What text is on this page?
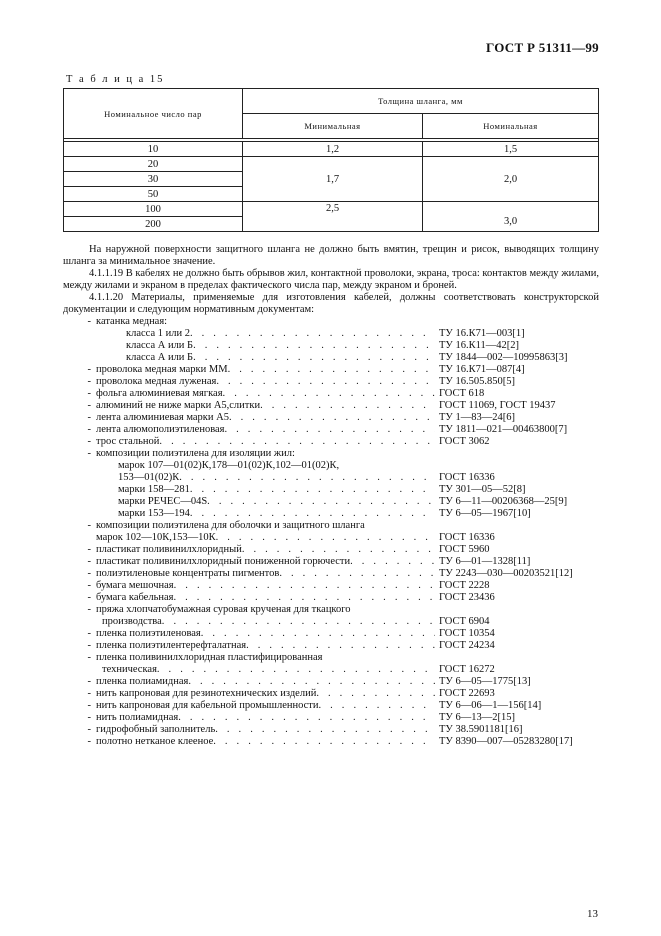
ГОСТ Р 51311—99
Т а б л и ц а 15
Номинальное число пар	Толщина шланга, мм	
	Минимальная	Номинальная

10	1,2	1,5
20	1,7	2,0
30		
50		
100	2,5	3,0
200		

На наружной поверхности защитного шланга не должно быть вмятин, трещин и рисок, выводящих толщину шланга за минимальное значение.

4.1.1.19 В кабелях не должно быть обрывов жил, контактной проволоки, экрана, троса: контактов между жилами, между жилами и экраном в пределах фактического числа пар, между экраном и броней.

4.1.1.20 Материалы, применяемые для изготовления кабелей, должны соответствовать конструкторской документации и следующим нормативным документам:

- катанка медная:
класса 1 или 2 . . .	ТУ 16.К71—003[1]
класса А или Б . . .	ТУ 16.К11—42[2]
класса А или Б . . .	ТУ 1844—002—10995863[3]
- проволока медная марки ММ . . .	ТУ 16.К71—087[4]
- проволока медная луженая . . .	ТУ 16.505.850[5]
- фольга алюминиевая мягкая . . .	ГОСТ 618
- алюминий не ниже марки А5,слитки . . .	ГОСТ 11069, ГОСТ 19437
- лента алюминиевая марки А5 . . .	ТУ 1—83—24[6]
- лента алюмополиэтиленовая . . .	ТУ 1811—021—00463800[7]
- трос стальной . . .	ГОСТ 3062
- композиции полиэтилена для изоляции жил:
марок 107—01(02)К,178—01(02)К,102—01(02)К,
153—01(02)К . . .	ГОСТ 16336
марки 158—281 . . .	ТУ 301—05—52[8]
марки РЕЧЕС—04S . . .	ТУ 6—11—00206368—25[9]
марки 153—194 . . .	ТУ 6—05—1967[10]
- композиции полиэтилена для оболочки и защитного шланга
марок 102—10К,153—10К . . .	ГОСТ 16336
- пластикат поливинилхлоридный . . .	ГОСТ 5960
- пластикат поливинилхлоридный пониженной горючести . . .	ТУ 6—01—1328[11]
- полиэтиленовые концентраты пигментов . . .	ТУ 2243—030—00203521[12]
- бумага мешочная . . .	ГОСТ 2228
- бумага кабельная . . .	ГОСТ 23436
- пряжа хлопчатобумажная суровая крученая для ткацкого
производства . . .	ГОСТ 6904
- пленка полиэтиленовая . . .	ГОСТ 10354
- пленка полиэтилентерефталатная . . .	ГОСТ 24234
- пленка поливинилхлоридная пластифицированная
техническая . . .	ГОСТ 16272
- пленка полиамидная . . .	ТУ 6—05—1775[13]
- нить капроновая для резинотехнических изделий . . .	ГОСТ 22693
- нить капроновая для кабельной промышленности . . .	ТУ 6—06—1—156[14]
- нить полиамидная . . .	ТУ 6—13—2[15]
- гидрофобный заполнитель . . .	ТУ 38.5901181[16]
- полотно нетканое клееное . . .	ТУ 8390—007—05283280[17]
13
